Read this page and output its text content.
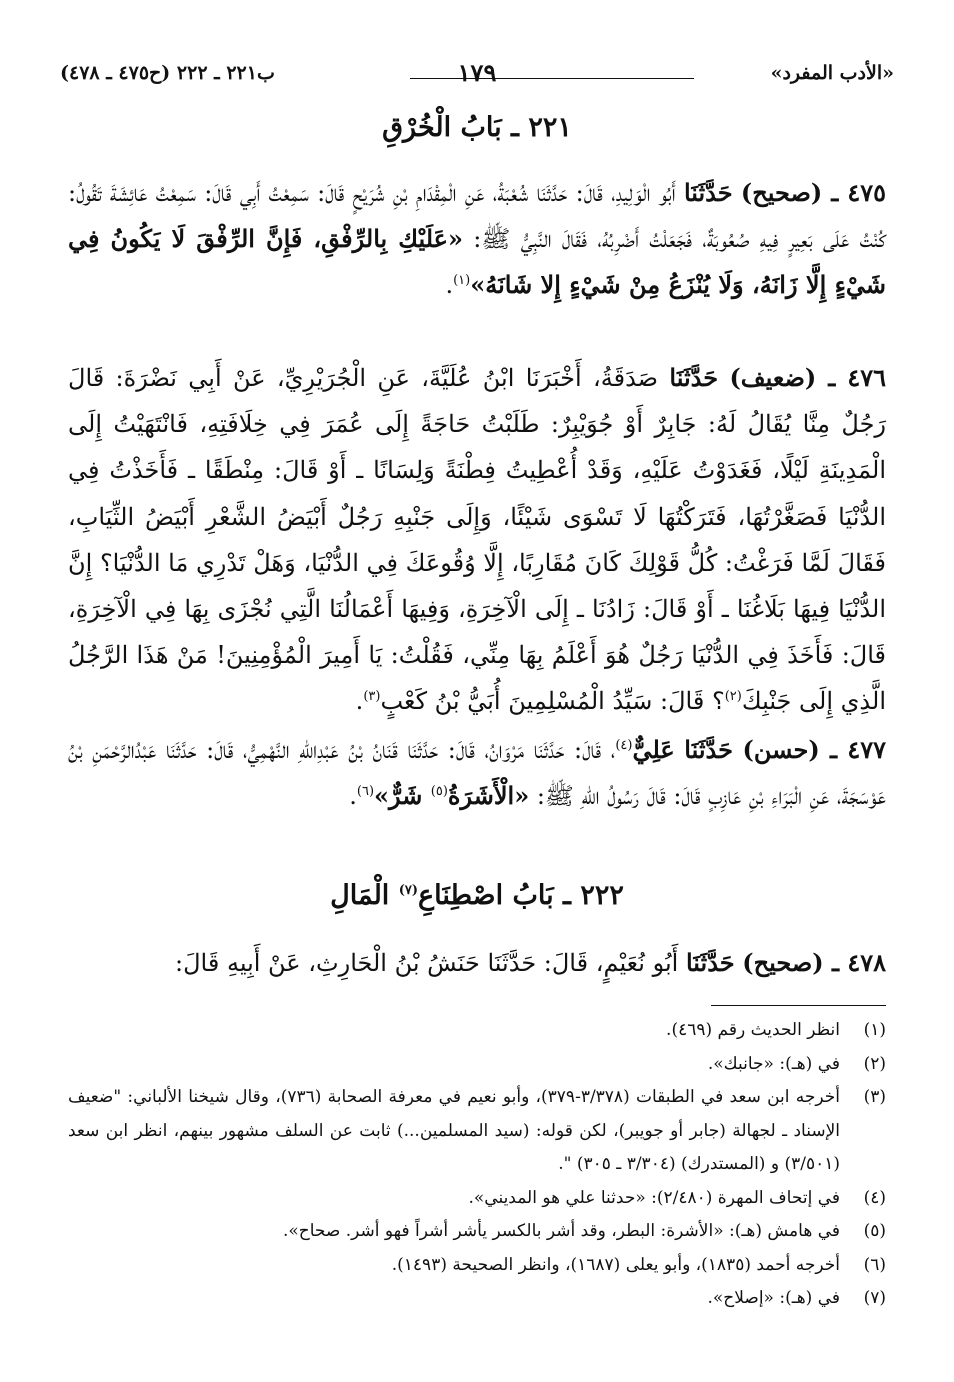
«الأدب المفرد»
١٧٩
ب٢٢١ ـ ٢٢٢ (ح٤٧٥ ـ ٤٧٨)
٢٢١ ـ بَابُ الْخُرْقِ
٤٧٥ ـ (صحيح) حَدَّثَنَا أَبُو الْوَلِيدِ، قَالَ: حَدَّثَنَا شُعْبَةُ، عَنِ الْمِقْدَامِ بْنِ شُرَيْحٍ قَالَ: سَمِعْتُ أَبِي قَالَ: سَمِعْتُ عَائِشَةَ تَقُولُ: كُنْتُ عَلَى بَعِيرٍ فِيهِ صُعُوبَةٌ، فَجَعَلْتُ أَضْرِبُهُ، فَقَالَ النَّبِيُّ ﷺ: «عَلَيْكِ بِالرِّفْقِ، فَإِنَّ الرِّفْقَ لَا يَكُونُ فِي شَيْءٍ إِلَّا زَانَهُ، وَلَا يُنْزَعُ مِنْ شَيْءٍ إِلا شَانَهُ»$^{(١)}$.
٤٧٦ ـ (ضعيف) حَدَّثَنَا صَدَقَةُ، أَخْبَرَنَا ابْنُ عُلَيَّةَ، عَنِ الْجُرَيْرِيِّ، عَنْ أَبِي نَضْرَةَ: قَالَ رَجُلٌ مِنَّا يُقَالُ لَهُ: جَابِرٌ أَوْ جُوَيْبِرٌ: طَلَبْتُ حَاجَةً إِلَى عُمَرَ فِي خِلَافَتِهِ، فَانْتَهَيْتُ إِلَى الْمَدِينَةِ لَيْلًا، فَغَدَوْتُ عَلَيْهِ، وَقَدْ أُعْطِيتُ فِطْنَةً وَلِسَانًا ـ أَوْ قَالَ: مِنْطَقًا ـ فَأَخَذْتُ فِي الدُّنْيَا فَصَغَّرْتُهَا، فَتَرَكْتُهَا لَا تَسْوَى شَيْئًا، وَإِلَى جَنْبِهِ رَجُلٌ أَبْيَضُ الشَّعْرِ أَبْيَضُ الثِّيَابِ، فَقَالَ لَمَّا فَرَغْتُ: كُلُّ قَوْلِكَ كَانَ مُقَارِبًا، إِلَّا وُقُوعَكَ فِي الدُّنْيَا، وَهَلْ تَدْرِي مَا الدُّنْيَا؟ إِنَّ الدُّنْيَا فِيهَا بَلَاغُنَا ـ أَوْ قَالَ: زَادُنَا ـ إِلَى الْآخِرَةِ، وَفِيهَا أَعْمَالُنَا الَّتِي نُجْزَى بِهَا فِي الْآخِرَةِ، قَالَ: فَأَخَذَ فِي الدُّنْيَا رَجُلٌ هُوَ أَعْلَمُ بِهَا مِنِّي، فَقُلْتُ: يَا أَمِيرَ الْمُؤْمِنِينَ! مَنْ هَذَا الرَّجُلُ الَّذِي إِلَى جَنْبِكَ$^{(٢)}$؟ قَالَ: سَيِّدُ الْمُسْلِمِينَ أُبَيُّ بْنُ كَعْبٍ$^{(٣)}$.
٤٧٧ ـ (حسن) حَدَّثَنَا عَلِيٌّ$^{(٤)}$، قَالَ: حَدَّثَنَا مَرْوَانُ، قَالَ: حَدَّثَنَا قَنَانُ بْنُ عَبْدِاللهِ النَّهْمِيُّ، قَالَ: حَدَّثَنَا عَبْدُالرَّحْمَنِ بْنُ عَوْسَجَةَ، عَنِ الْبَرَاءِ بْنِ عَازِبٍ قَالَ: قَالَ رَسُولُ اللهِ ﷺ: «الْأَشَرَةُ$^{(٥)}$ شَرٌّ»$^{(٦)}$.
٢٢٢ ـ بَابُ اصْطِنَاعِ$^{(٧)}$ الْمَالِ
٤٧٨ ـ (صحيح) حَدَّثَنَا أَبُو نُعَيْمٍ، قَالَ: حَدَّثَنَا حَنَشُ بْنُ الْحَارِثِ، عَنْ أَبِيهِ قَالَ:
(١)
انظر الحديث رقم (٤٦٩).
(٢)
في (هـ): «جانبك».
(٣)
أخرجه ابن سعد في الطبقات (٣/٣٧٨-٣٧٩)، وأبو نعيم في معرفة الصحابة (٧٣٦)، وقال شيخنا الألباني: "ضعيف الإسناد ـ لجهالة (جابر أو جويبر)، لكن قوله: (سيد المسلمين...) ثابت عن السلف مشهور بينهم، انظر ابن سعد (٣/٥٠١) و (المستدرك) (٣/٣٠٤ ـ ٣٠٥) ".
(٤)
في إتحاف المهرة (٢/٤٨٠): «حدثنا علي هو المديني».
(٥)
في هامش (هـ): «الأشرة: البطر، وقد أشر بالكسر يأشر أشراً فهو أشر. صحاح».
(٦)
أخرجه أحمد (١٨٣٥)، وأبو يعلى (١٦٨٧)، وانظر الصحيحة (١٤٩٣).
(٧)
في (هـ): «إصلاح».
